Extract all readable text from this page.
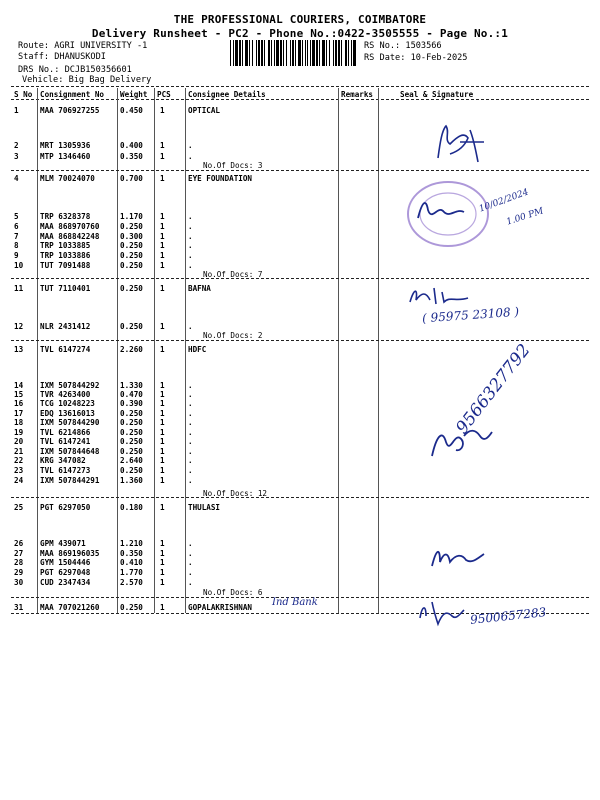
THE PROFESSIONAL COURIERS, COIMBATORE
Delivery Runsheet - PC2 - Phone No.:0422-3505555 - Page No.:1
Route: AGRI UNIVERSITY -1
Staff: DHANUSKODI
DRS No.: DCJB150356601
Vehicle: Big Bag Delivery
RS No.: 1503566
RS Date: 10-Feb-2025
S No Consignment No Weight PCS Consignee Details	Remarks	Seal & Signature
1	MAA 706927255	0.450 1	OPTICAL
2	MRT 1305936	0.400 1	.
3	MTP 1346460	0.350 1	.
4	MLM 70024070	0.700 1	EYE FOUNDATION
5	TRP 6328378	1.170 1	.
6	MAA 868970760	0.250 1	.
7	MAA 868842248	0.300 1	.
8	TRP 1033885	0.250 1	.
9	TRP 1033886	0.250 1	.
10 TUT 7091488	0.250 1	.
11 TUT 7110401	0.250 1	BAFNA
12 NLR 2431412	0.250 1	.
13 TVL 6147274	2.260 1	HDFC
14 IXM 507844292	1.330 1	.
15 TVR 4263400	0.470 1	.
16 TCG 10248223	0.390 1	.
17 EDQ 13616013	0.250 1	.
18 IXM 507844290	0.250 1	.
19 TVL 6214866	0.250 1	.
20 TVL 6147241	0.250 1	.
21 IXM 507844648	0.250 1	.
22 KRG 347082	2.640 1	.
23 TVL 6147273	0.250 1	.
24 IXM 507844291	1.360 1	.
25 PGT 6297050	0.180 1	THULASI
26 GPM 439071	1.210 1	.
27 MAA 869196035	0.350 1	.
28 GYM 1504446	0.410 1	.
29 PGT 6297048	1.770 1	.
30 CUD 2347434	2.570 1	.
31 MAA 707021260	0.250 1	GOPALAKRISHNAN
No.Of Docs: 3
No.Of Docs: 7
No.Of Docs: 2
No.Of Docs: 12
No.Of Docs: 6
10/02/2024
1.00 PM
( 95975 23108 )
9566327792
Ind Bank
9500657283
